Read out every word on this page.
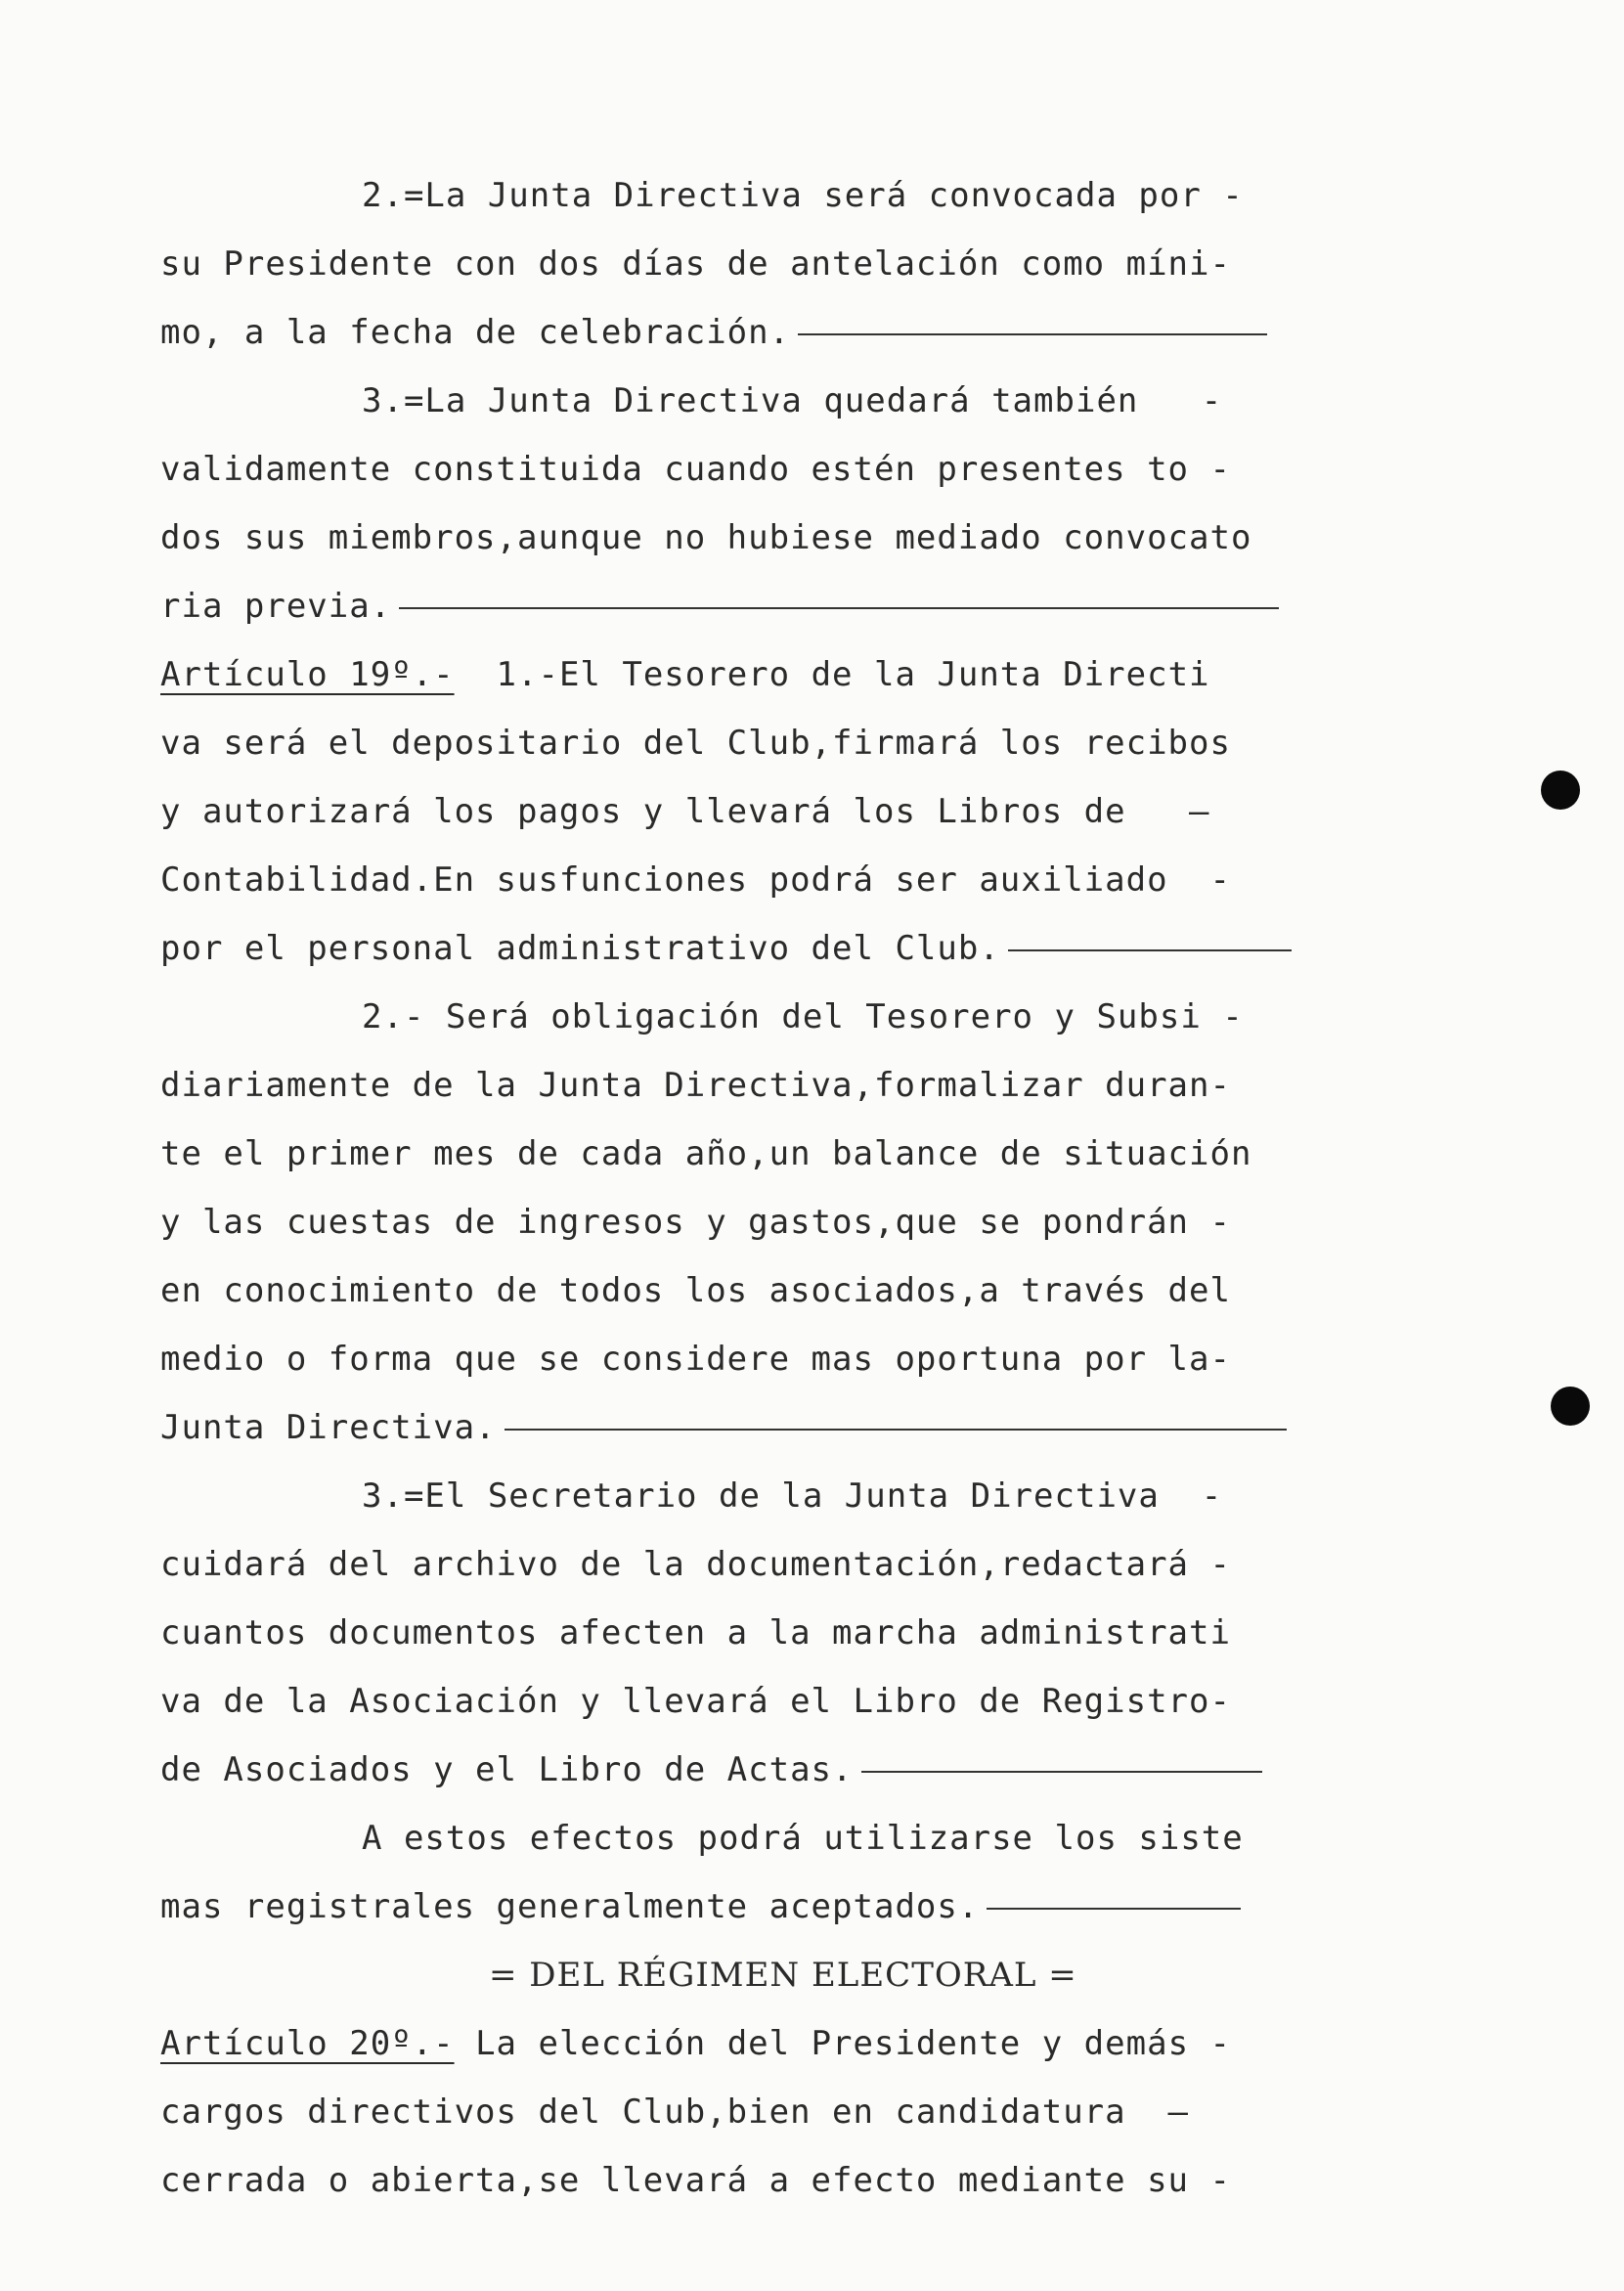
2.=La Junta Directiva será convocada por -
su Presidente con dos días de antelación como míni-
mo, a la fecha de celebración.
3.=La Junta Directiva quedará también   -
validamente constituida cuando estén presentes to -
dos sus miembros,aunque no hubiese mediado convocato
ria previa.
Artículo 19º.- 1.-El Tesorero de la Junta Directi
va será el depositario del Club,firmará los recibos
y autorizará los pagos y llevará los Libros de   —
Contabilidad.En susfunciones podrá ser auxiliado  -
por el personal administrativo del Club.
2.- Será obligación del Tesorero y Subsi -
diariamente de la Junta Directiva,formalizar duran-
te el primer mes de cada año,un balance de situación
y las cuestas de ingresos y gastos,que se pondrán -
en conocimiento de todos los asociados,a través del
medio o forma que se considere mas oportuna por la-
Junta Directiva.
3.=El Secretario de la Junta Directiva  -
cuidará del archivo de la documentación,redactará -
cuantos documentos afecten a la marcha administrati
va de la Asociación y llevará el Libro de Registro-
de Asociados y el Libro de Actas.
A estos efectos podrá utilizarse los siste
mas registrales generalmente aceptados.
= DEL RÉGIMEN ELECTORAL =
Artículo 20º.- La elección del Presidente y demás -
cargos directivos del Club,bien en candidatura  —
cerrada o abierta,se llevará a efecto mediante su -
